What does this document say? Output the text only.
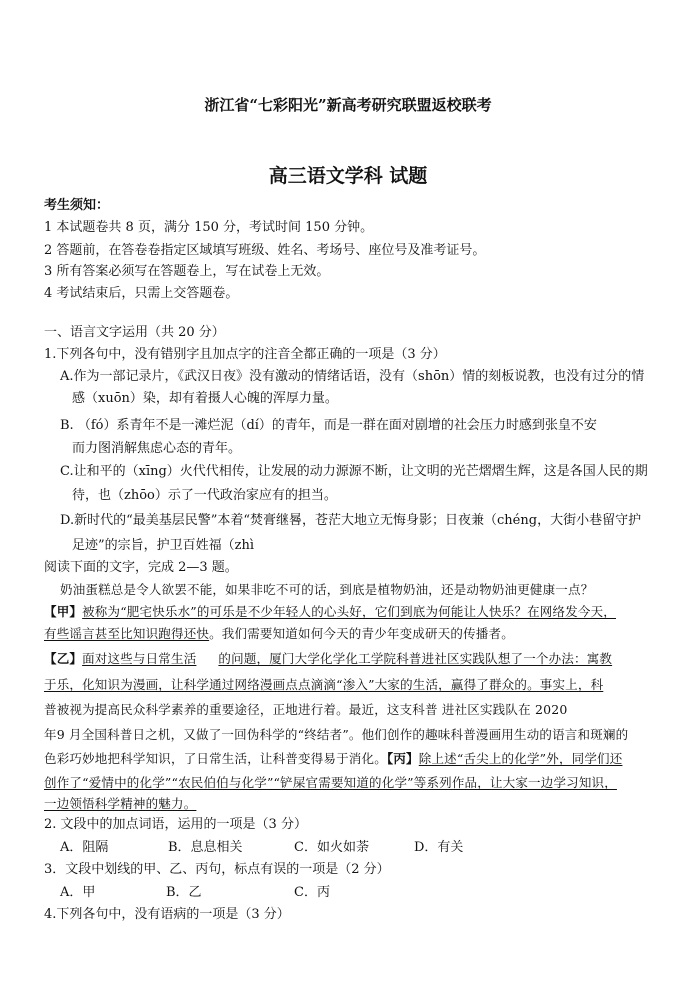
浙江省“七彩阳光”新高考研究联盟返校联考
高三语文学科 试题
考生须知：
1 本试题卷共 8 页，满分 150 分，考试时间 150 分钟。
2 答题前，在答卷卷指定区域填写班级、姓名、考场号、座位号及准考证号。
3 所有答案必须写在答题卷上，写在试卷上无效。
4 考试结束后，只需上交答题卷。
一、语言文字运用（共 20 分）
1.下列各句中，没有错别字且加点字的注音全都正确的一项是（3 分）
A.作为一部记录片，《武汉日夜》没有激动的情绪话语，没有（shōn）情的刻板说教，也没有过分的情
感（xuōn）染，却有着摄人心魄的浑厚力量。
B. （fó）系青年不是一滩烂泥（dí）的青年，而是一群在面对剧增的社会压力时感到张皇不安
而力图消解焦虑心态的青年。
C.让和平的（xīng）火代代相传，让发展的动力源源不断，让文明的光芒熠熠生辉，这是各国人民的期
待，也（zhōo）示了一代政治家应有的担当。
D.新时代的“最美基层民警”本着“焚膏继晷，苍茫大地立无悔身影；日夜兼（chéng，大街小巷留守护
足迹”的宗旨，护卫百姓福（zhì
阅读下面的文字，完成 2—3 题。
奶油蛋糕总是令人欲罢不能，如果非吃不可的话，到底是植物奶油，还是动物奶油更健康一点？
【甲】被称为“肥宅快乐水”的可乐是不少年轻人的心头好，它们到底为何能让人快乐？在网络发今天，
有些谣言甚至比知识跑得还快。我们需要知道如何今天的青少年变成研天的传播者。
【乙】面对这些与日常生活 的问题，厦门大学化学化工学院科普进社区实践队想了一个办法：寓教
于乐，化知识为漫画，让科学通过网络漫画点点滴滴“渗入”大家的生活，赢得了群众的。事实上，科
普被视为提高民众科学素养的重要途径，正地进行着。最近，这支科普 进社区实践队在 2020
年9 月全国科普日之机，又做了一回伪科学的“终结者”。他们创作的趣味科普漫画用生动的语言和斑斓的
色彩巧妙地把科学知识，了日常生活，让科普变得易于消化。【丙】除上述“舌尖上的化学”外，同学们还
创作了“爱情中的化学”“农民伯伯与化学”“铲屎官需要知道的化学”等系列作品，让大家一边学习知识，
一边领悟科学精神的魅力。
2. 文段中的加点词语，运用的一项是（3 分）
A．阻隔	B．息息相关	C．如火如荼	D．有关
3．文段中划线的甲、乙、丙句，标点有误的一项是（2 分）
A．甲	B．乙	C．丙
4.下列各句中，没有语病的一项是（3 分）
